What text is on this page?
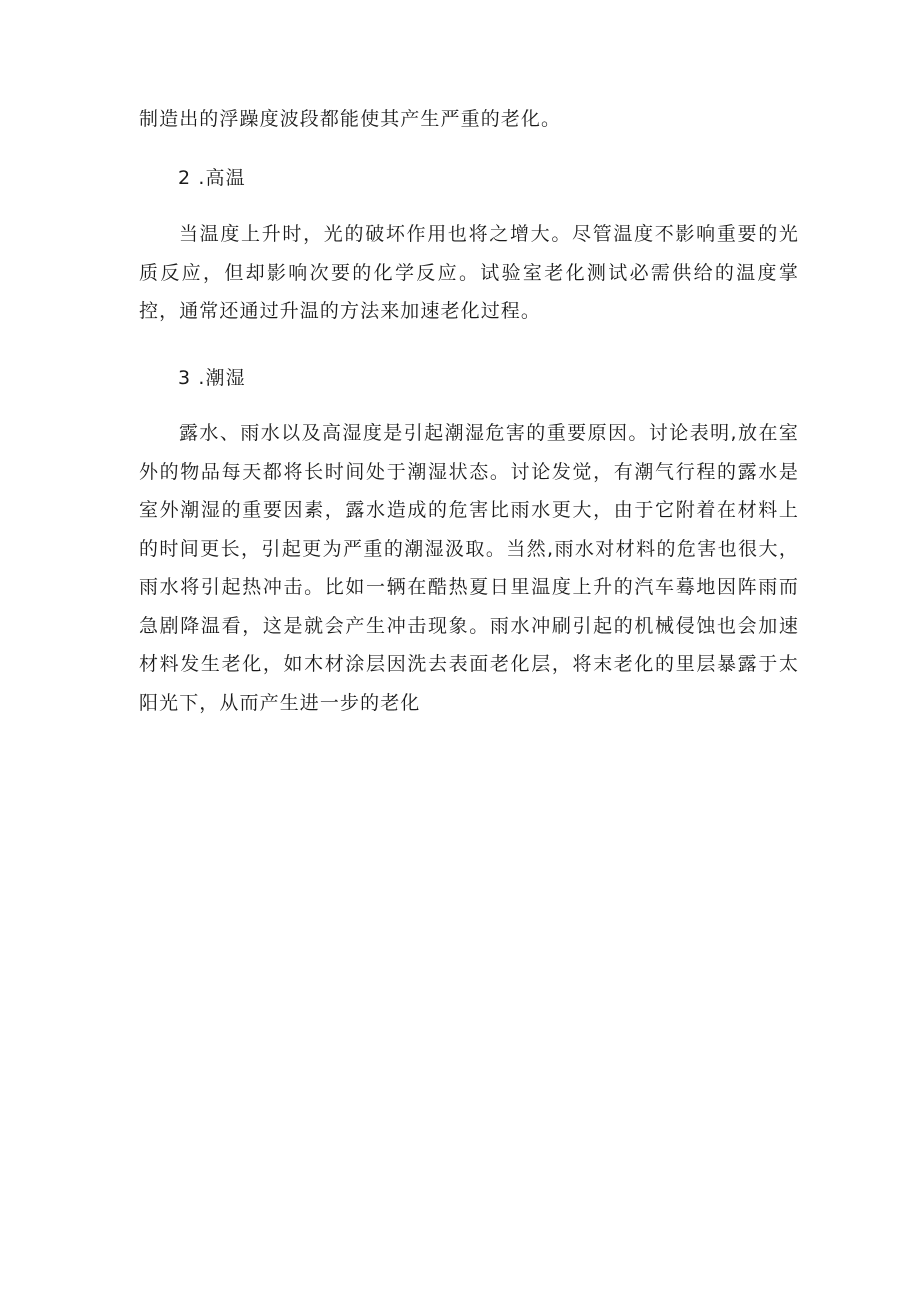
制造出的浮躁度波段都能使其产生严重的老化。

2 .高温

当温度上升时，光的破坏作用也将之增大。尽管温度不影响重要的光质反应，但却影响次要的化学反应。试验室老化测试必需供给的温度掌控，通常还通过升温的方法来加速老化过程。

3 .潮湿

露水、雨水以及高湿度是引起潮湿危害的重要原因。讨论表明,放在室外的物品每天都将长时间处于潮湿状态。讨论发觉，有潮气行程的露水是室外潮湿的重要因素，露水造成的危害比雨水更大，由于它附着在材料上的时间更长，引起更为严重的潮湿汲取。当然,雨水对材料的危害也很大，雨水将引起热冲击。比如一辆在酷热夏日里温度上升的汽车蓦地因阵雨而急剧降温看，这是就会产生冲击现象。雨水冲刷引起的机械侵蚀也会加速材料发生老化，如木材涂层因洗去表面老化层，将末老化的里层暴露于太阳光下，从而产生进一步的老化
